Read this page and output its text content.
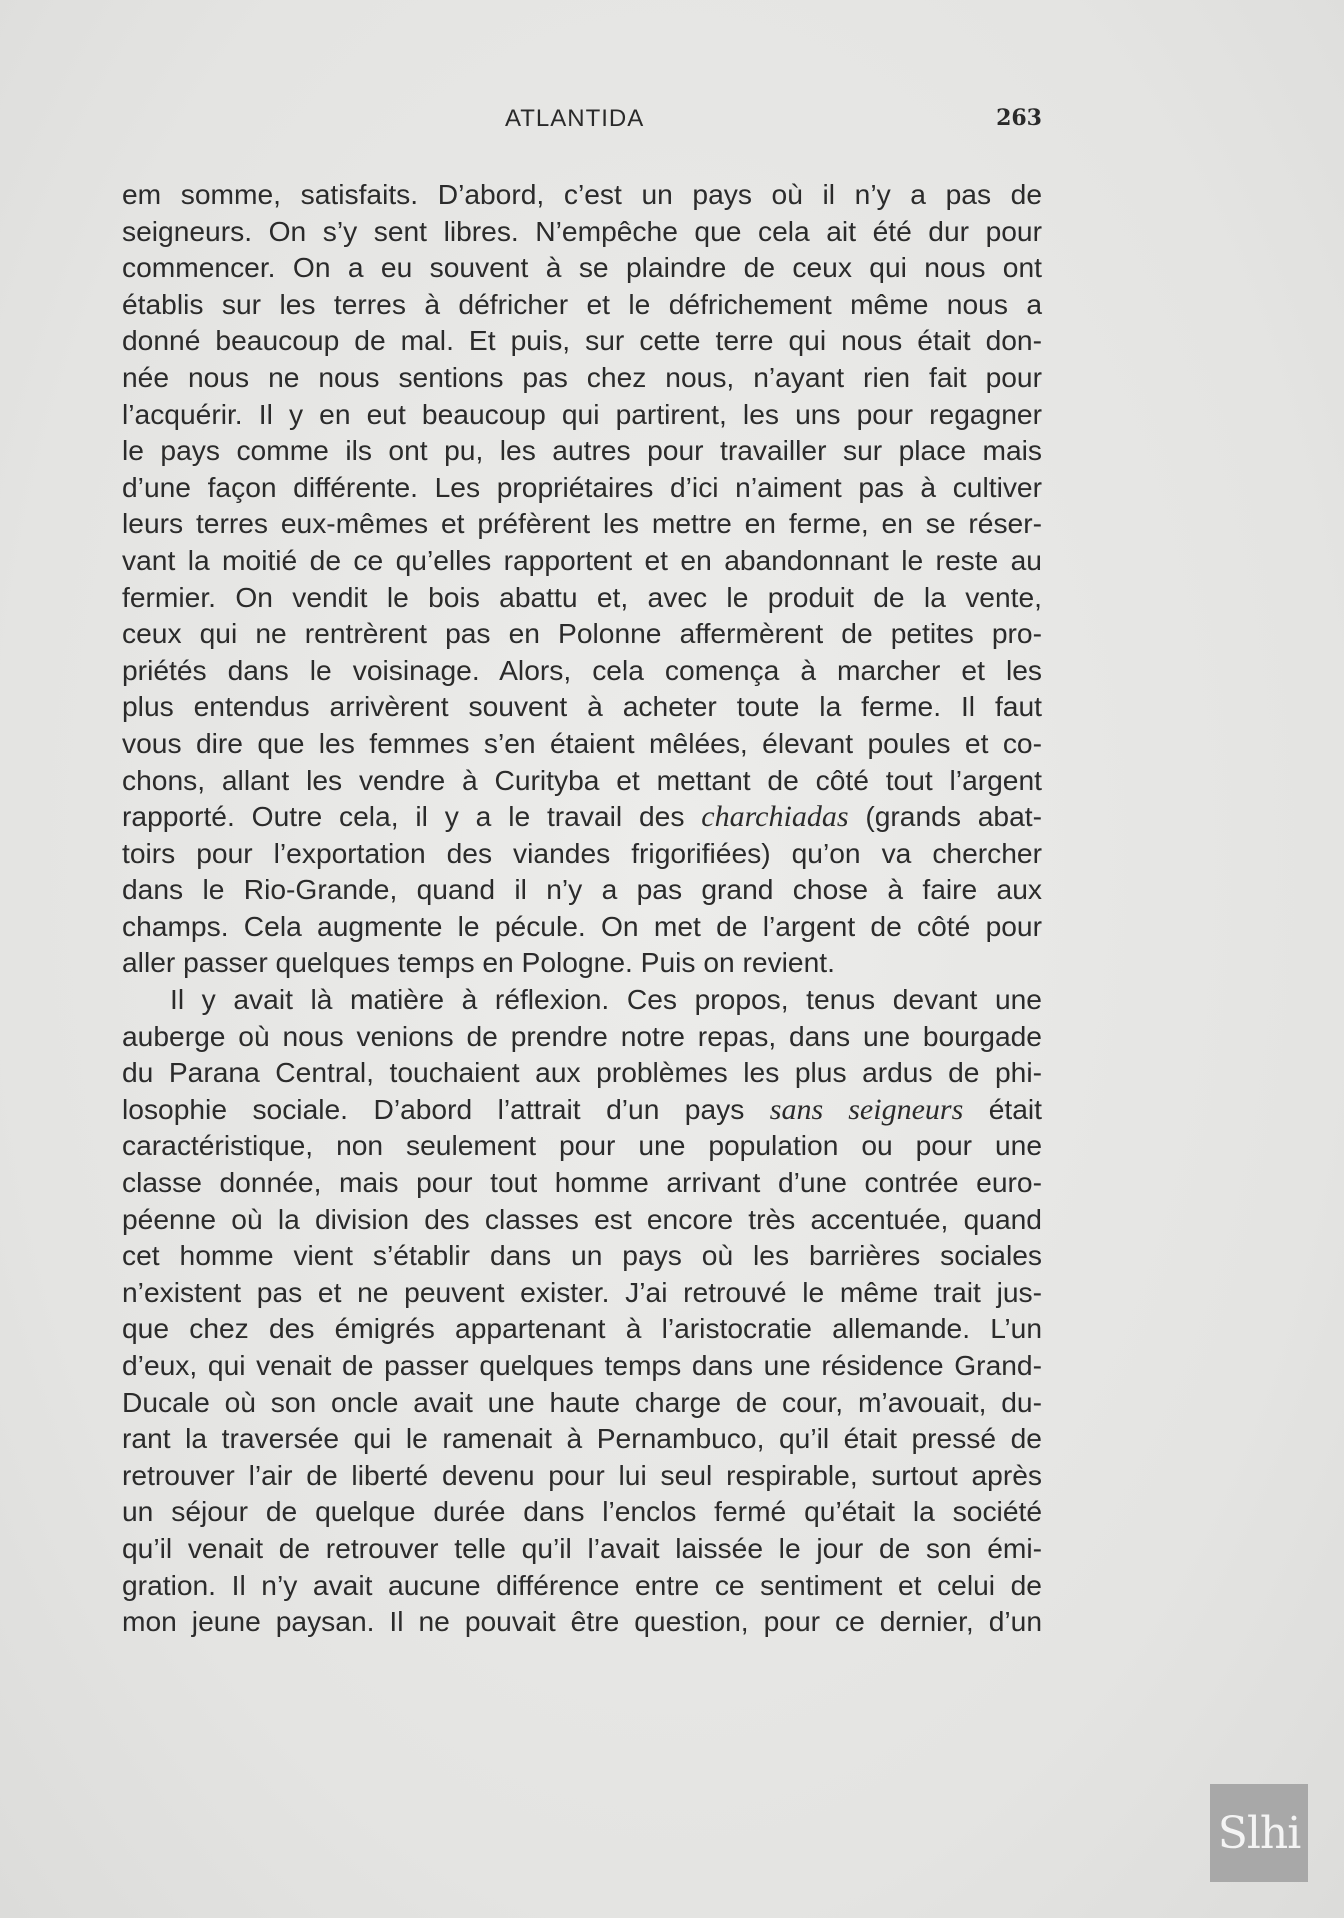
ATLANTIDA	263
em somme, satisfaits. D’abord, c’est un pays où il n’y a pas de
seigneurs. On s’y sent libres. N’empêche que cela ait été dur pour
commencer. On a eu souvent à se plaindre de ceux qui nous ont
établis sur les terres à défricher et le défrichement même nous a
donné beaucoup de mal. Et puis, sur cette terre qui nous était don-
née nous ne nous sentions pas chez nous, n’ayant rien fait pour
l’acquérir. Il y en eut beaucoup qui partirent, les uns pour regagner
le pays comme ils ont pu, les autres pour travailler sur place mais
d’une façon différente. Les propriétaires d’ici n’aiment pas à cultiver
leurs terres eux-mêmes et préfèrent les mettre en ferme, en se réser-
vant la moitié de ce qu’elles rapportent et en abandonnant le reste au
fermier. On vendit le bois abattu et, avec le produit de la vente,
ceux qui ne rentrèrent pas en Polonne affermèrent de petites pro-
priétés dans le voisinage. Alors, cela comença à marcher et les
plus entendus arrivèrent souvent à acheter toute la ferme. Il faut
vous dire que les femmes s’en étaient mêlées, élevant poules et co-
chons, allant les vendre à Curityba et mettant de côté tout l’argent
rapporté. Outre cela, il y a le travail des charchiadas (grands abat-
toirs pour l’exportation des viandes frigorifiées) qu’on va chercher
dans le Rio-Grande, quand il n’y a pas grand chose à faire aux
champs. Cela augmente le pécule. On met de l’argent de côté pour
aller passer quelques temps en Pologne. Puis on revient.
Il y avait là matière à réflexion. Ces propos, tenus devant une
auberge où nous venions de prendre notre repas, dans une bourgade
du Parana Central, touchaient aux problèmes les plus ardus de phi-
losophie sociale. D’abord l’attrait d’un pays sans seigneurs était
caractéristique, non seulement pour une population ou pour une
classe donnée, mais pour tout homme arrivant d’une contrée euro-
péenne où la division des classes est encore très accentuée, quand
cet homme vient s’établir dans un pays où les barrières sociales
n’existent pas et ne peuvent exister. J’ai retrouvé le même trait jus-
que chez des émigrés appartenant à l’aristocratie allemande. L’un
d’eux, qui venait de passer quelques temps dans une résidence Grand-
Ducale où son oncle avait une haute charge de cour, m’avouait, du-
rant la traversée qui le ramenait à Pernambuco, qu’il était pressé de
retrouver l’air de liberté devenu pour lui seul respirable, surtout après
un séjour de quelque durée dans l’enclos fermé qu’était la société
qu’il venait de retrouver telle qu’il l’avait laissée le jour de son émi-
gration. Il n’y avait aucune différence entre ce sentiment et celui de
mon jeune paysan. Il ne pouvait être question, pour ce dernier, d’un
Slhi
